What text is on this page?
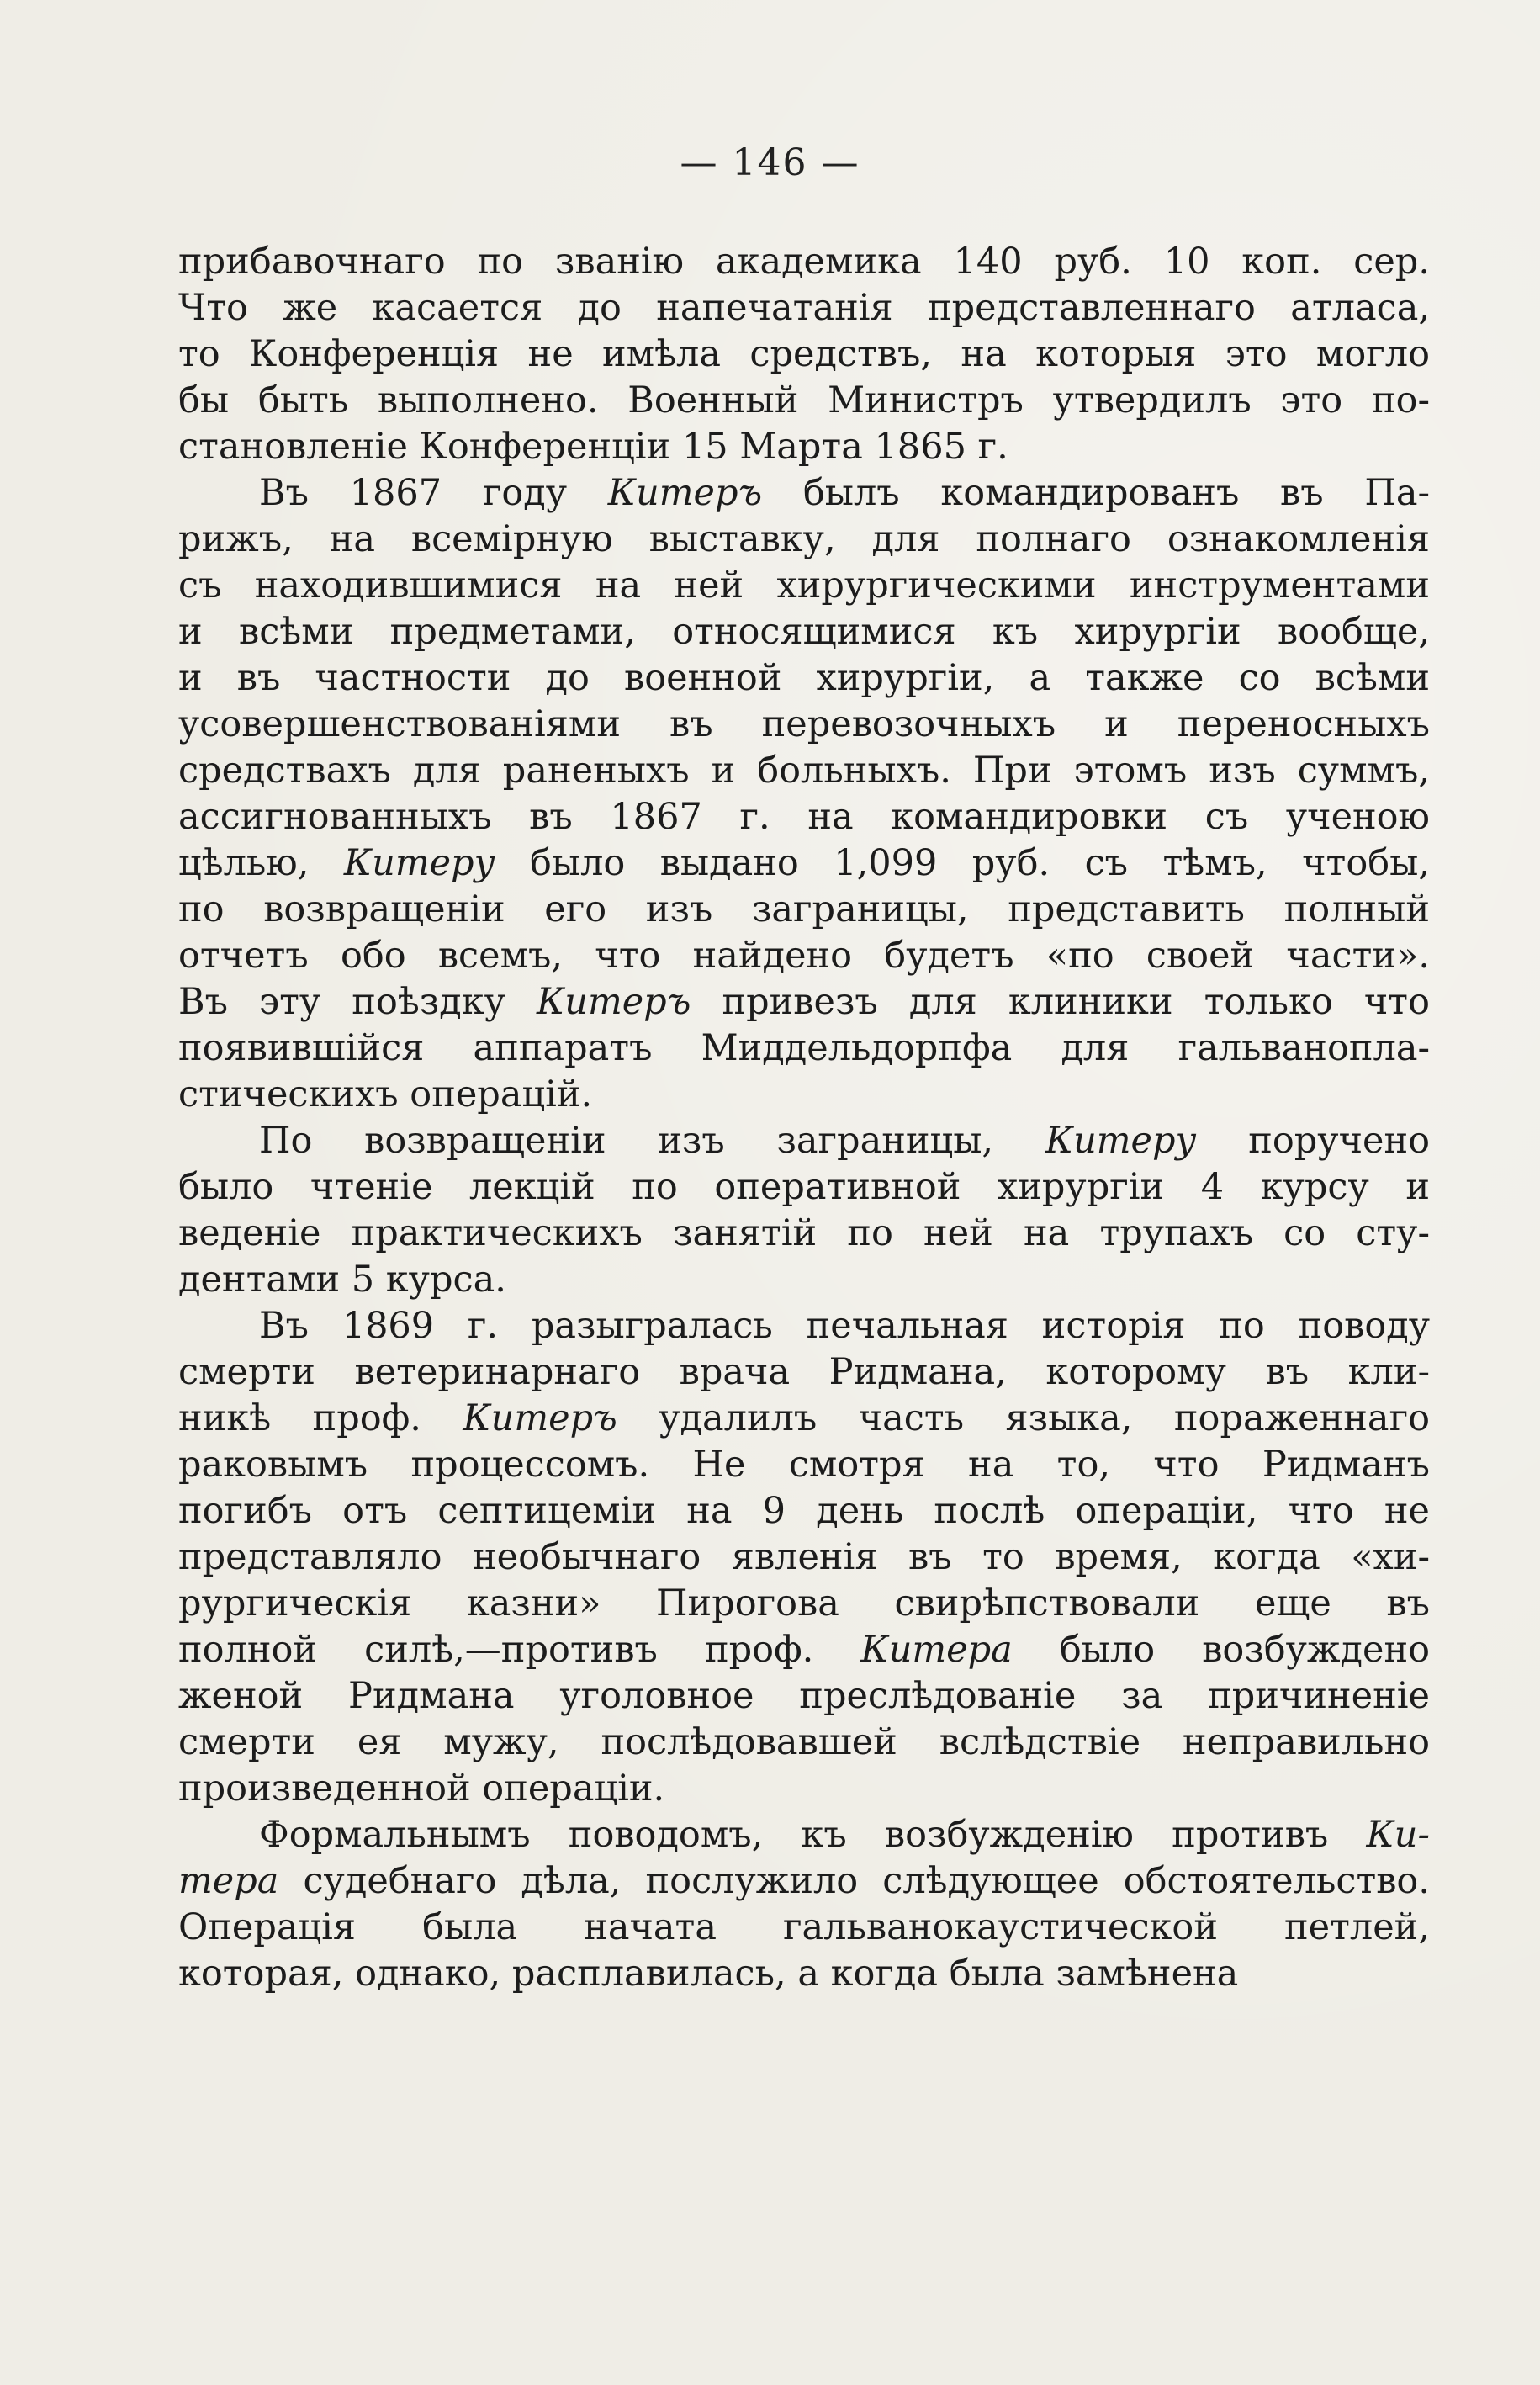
— 146 —
прибавочнаго по званію академика 140 руб. 10 коп. сер.
Что же касается до напечатанія представленнаго атласа,
то Конференція не имѣла средствъ, на которыя это могло
бы быть выполнено. Военный Министръ утвердилъ это по-
становленіе Конференціи 15 Марта 1865 г.
Въ 1867 году Китеръ былъ командированъ въ Па-
рижъ, на всемірную выставку, для полнаго ознакомленія
съ находившимися на ней хирургическими инструментами
и всѣми предметами, относящимися къ хирургіи вообще,
и въ частности до военной хирургіи, а также со всѣми
усовершенствованіями въ перевозочныхъ и переносныхъ
средствахъ для раненыхъ и больныхъ. При этомъ изъ суммъ,
ассигнованныхъ въ 1867 г. на командировки съ ученою
цѣлью, Китеру было выдано 1,099 руб. съ тѣмъ, чтобы,
по возвращеніи его изъ заграницы, представить полный
отчетъ обо всемъ, что найдено будетъ «по своей части».
Въ эту поѣздку Китеръ привезъ для клиники только что
появившійся аппаратъ Миддельдорпфа для гальванопла-
стическихъ операцій.
По возвращеніи изъ заграницы, Китеру поручено
было чтеніе лекцій по оперативной хирургіи 4 курсу и
веденіе практическихъ занятій по ней на трупахъ со сту-
дентами 5 курса.
Въ 1869 г. разыгралась печальная исторія по поводу
смерти ветеринарнаго врача Ридмана, которому въ кли-
никѣ проф. Китеръ удалилъ часть языка, пораженнаго
раковымъ процессомъ. Не смотря на то, что Ридманъ
погибъ отъ септицеміи на 9 день послѣ операціи, что не
представляло необычнаго явленія въ то время, когда «хи-
рургическія казни» Пирогова свирѣпствовали еще въ
полной силѣ,—противъ проф. Китера было возбуждено
женой Ридмана уголовное преслѣдованіе за причиненіе
смерти ея мужу, послѣдовавшей вслѣдствіе неправильно
произведенной операціи.
Формальнымъ поводомъ, къ возбужденію противъ Ки-
тера судебнаго дѣла, послужило слѣдующее обстоятельство.
Операція была начата гальванокаустической петлей,
которая, однако, расплавилась, а когда была замѣнена
